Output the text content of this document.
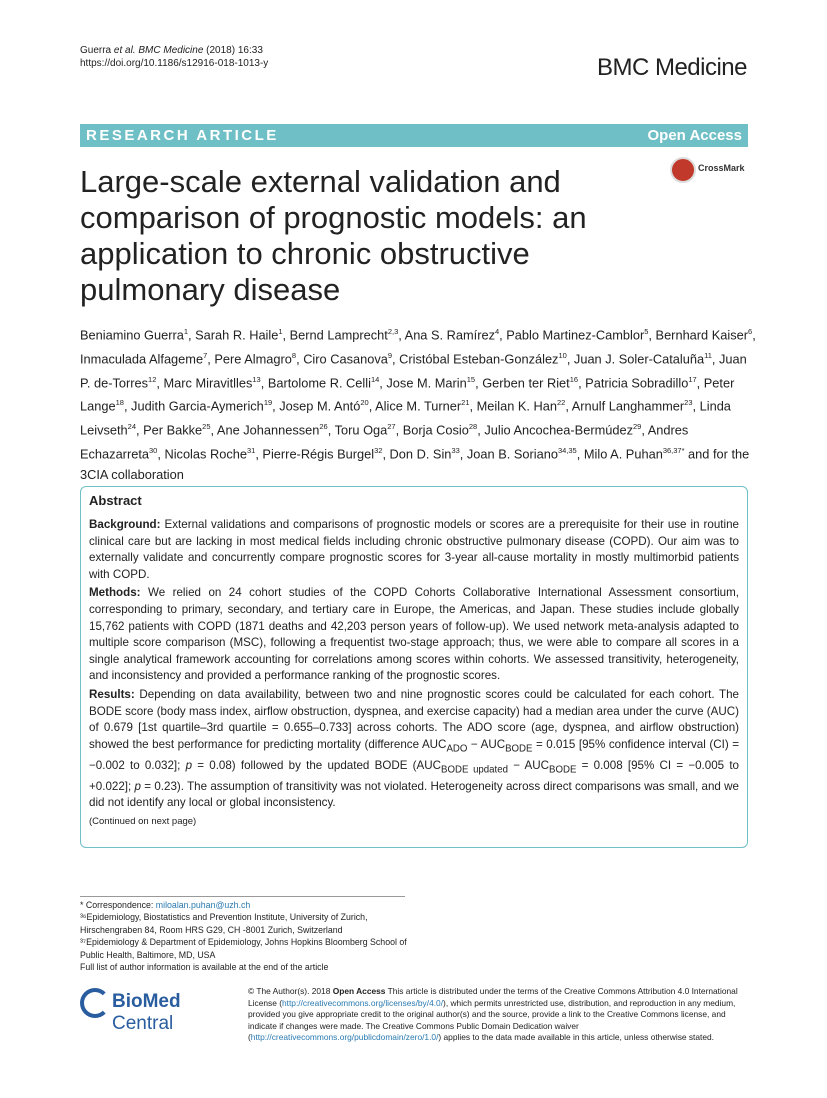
Guerra et al. BMC Medicine (2018) 16:33
https://doi.org/10.1186/s12916-018-1013-y	BMC Medicine
RESEARCH ARTICLE	Open Access
CrossMark
Large-scale external validation and comparison of prognostic models: an application to chronic obstructive pulmonary disease
Beniamino Guerra$^1$, Sarah R. Haile$^1$, Bernd Lamprecht$^{2,3}$, Ana S. Ramírez$^4$, Pablo Martinez-Camblor$^5$, Bernhard Kaiser$^6$, Inmaculada Alfageme$^7$, Pere Almagro$^8$, Ciro Casanova$^9$, Cristóbal Esteban-González$^{10}$, Juan J. Soler-Cataluña$^{11}$, Juan P. de-Torres$^{12}$, Marc Miravitlles$^{13}$, Bartolome R. Celli$^{14}$, Jose M. Marin$^{15}$, Gerben ter Riet$^{16}$, Patricia Sobradillo$^{17}$, Peter Lange$^{18}$, Judith Garcia-Aymerich$^{19}$, Josep M. Antó$^{20}$, Alice M. Turner$^{21}$, Meilan K. Han$^{22}$, Arnulf Langhammer$^{23}$, Linda Leivseth$^{24}$, Per Bakke$^{25}$, Ane Johannessen$^{26}$, Toru Oga$^{27}$, Borja Cosio$^{28}$, Julio Ancochea-Bermúdez$^{29}$, Andres Echazarreta$^{30}$, Nicolas Roche$^{31}$, Pierre-Régis Burgel$^{32}$, Don D. Sin$^{33}$, Joan B. Soriano$^{34,35}$, Milo A. Puhan$^{36,37*}$ and for the 3CIA collaboration
Abstract

Background: External validations and comparisons of prognostic models or scores are a prerequisite for their use in routine clinical care but are lacking in most medical fields including chronic obstructive pulmonary disease (COPD). Our aim was to externally validate and concurrently compare prognostic scores for 3-year all-cause mortality in mostly multimorbid patients with COPD.

Methods: We relied on 24 cohort studies of the COPD Cohorts Collaborative International Assessment consortium, corresponding to primary, secondary, and tertiary care in Europe, the Americas, and Japan. These studies include globally 15,762 patients with COPD (1871 deaths and 42,203 person years of follow-up). We used network meta-analysis adapted to multiple score comparison (MSC), following a frequentist two-stage approach; thus, we were able to compare all scores in a single analytical framework accounting for correlations among scores within cohorts. We assessed transitivity, heterogeneity, and inconsistency and provided a performance ranking of the prognostic scores.

Results: Depending on data availability, between two and nine prognostic scores could be calculated for each cohort. The BODE score (body mass index, airflow obstruction, dyspnea, and exercise capacity) had a median area under the curve (AUC) of 0.679 [1st quartile–3rd quartile = 0.655–0.733] across cohorts. The ADO score (age, dyspnea, and airflow obstruction) showed the best performance for predicting mortality (difference $AUC_{ADO} - AUC_{BODE} = 0.015$ [95% confidence interval (CI) = −0.002 to 0.032]; p = 0.08) followed by the updated BODE ($AUC_{BODE updated} - AUC_{BODE} = 0.008$ [95% CI = −0.005 to +0.022]; p = 0.23). The assumption of transitivity was not violated. Heterogeneity across direct comparisons was small, and we did not identify any local or global inconsistency.

(Continued on next page)
* Correspondence: miloalan.puhan@uzh.ch
³⁶Epidemiology, Biostatistics and Prevention Institute, University of Zurich, Hirschengraben 84, Room HRS G29, CH -8001 Zurich, Switzerland
³⁷Epidemiology & Department of Epidemiology, Johns Hopkins Bloomberg School of Public Health, Baltimore, MD, USA
Full list of author information is available at the end of the article
BioMed Central
© The Author(s). 2018 Open Access This article is distributed under the terms of the Creative Commons Attribution 4.0 International License (http://creativecommons.org/licenses/by/4.0/), which permits unrestricted use, distribution, and reproduction in any medium, provided you give appropriate credit to the original author(s) and the source, provide a link to the Creative Commons license, and indicate if changes were made. The Creative Commons Public Domain Dedication waiver (http://creativecommons.org/publicdomain/zero/1.0/) applies to the data made available in this article, unless otherwise stated.
